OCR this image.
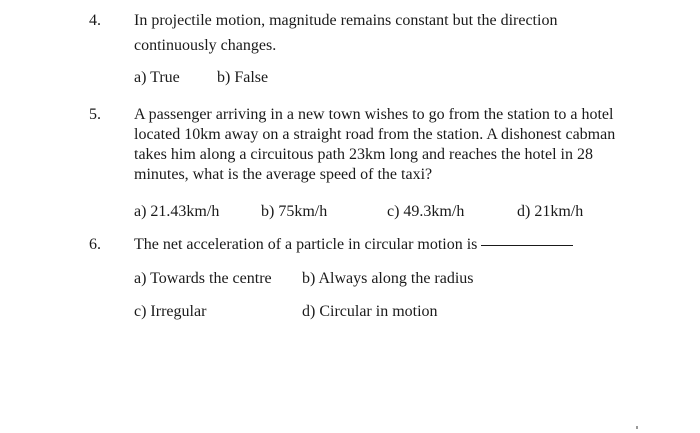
4. In projectile motion, magnitude remains constant but the direction
continuously changes.
a) True b) False
5. A passenger arriving in a new town wishes to go from the station to a hotel
located 10km away on a straight road from the station. A dishonest cabman
takes him along a circuitous path 23km long and reaches the hotel in 28
minutes, what is the average speed of the taxi?
a) 21.43km/h	b) 75km/h	c) 49.3km/h	d) 21km/h
6. The net acceleration of a particle in circular motion is
a) Towards the centre b) Always along the radius
c) Irregular	d) Circular in motion
